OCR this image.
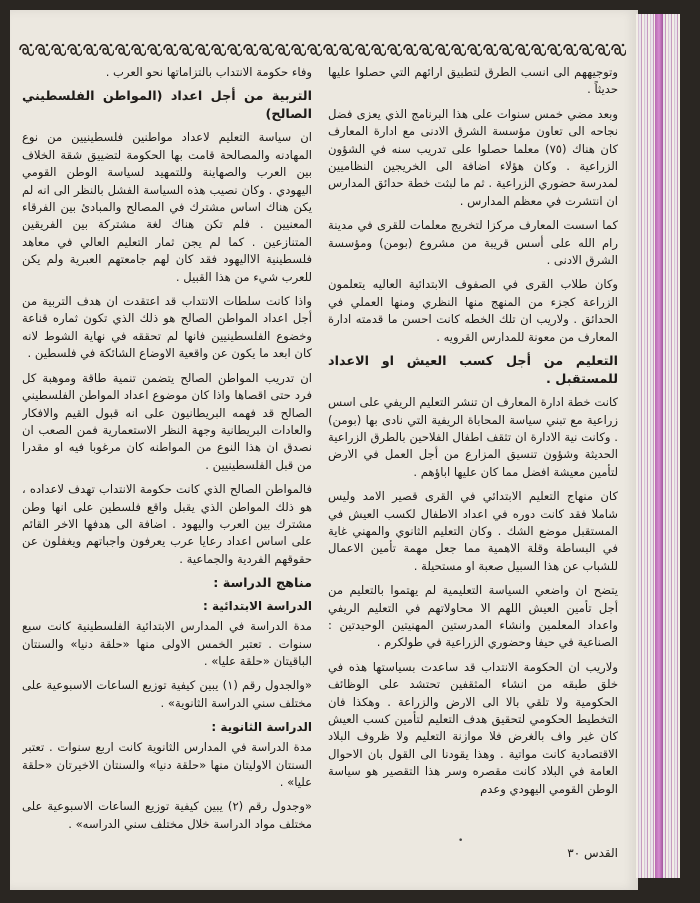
وتوجيههم الى انسب الطرق لتطبيق ارائهم التي حصلوا عليها حديثاً .

وبعد مضي خمس سنوات على هذا البرنامج الذي يعزى فضل نجاحه الى تعاون مؤسسة الشرق الادنى مع ادارة المعارف كان هناك (٧٥) معلما حصلوا على تدريب سنه في الشؤون الزراعية . وكان هؤلاء اضافة الى الخريجين النظاميين لمدرسة حضوري الزراعية . ثم ما لبثت خطة حدائق المدارس ان انتشرت في معظم المدارس .

كما اسست المعارف مركزا لتخريج معلمات للقرى في مدينة رام الله على أسس قريبة من مشروع (بومن) ومؤسسة الشرق الادنى .

وكان طلاب القرى في الصفوف الابتدائية العاليه يتعلمون الزراعة كجزء من المنهج منها النظري ومنها العملي في الحدائق . ولاريب ان تلك الخطه كانت احسن ما قدمته ادارة المعارف من معونة للمدارس القرويه .

التعليم من أجل كسب العيش او الاعداد للمستقبل .

كانت خطة ادارة المعارف ان تنشر التعليم الريفي على اسس زراعية مع تبني سياسة المحاباة الريفية التي نادى بها (بومن) . وكانت نية الادارة ان تثقف اطفال الفلاحين بالطرق الزراعية الحديثة وشؤون تنسيق المزارع من أجل العمل في الارض لتأمين معيشة افضل مما كان عليها اباؤهم .

كان منهاج التعليم الابتدائي في القرى قصير الامد وليس شاملا فقد كانت دوره في اعداد الاطفال لكسب العيش في المستقبل موضع الشك . وكان التعليم الثانوي والمهني غاية في البساطة وقلة الاهمية مما جعل مهمة تأمين الاعمال للشباب عن هذا السبيل صعبة او مستحيلة .

يتضح ان واضعي السياسة التعليمية لم يهتموا بالتعليم من أجل تأمين العيش اللهم الا محاولاتهم في التعليم الريفي واعداد المعلمين وانشاء المدرستين المهنيتين الوحيدتين : الصناعية في حيفا وحضوري الزراعية في طولكرم .

ولاريب ان الحكومة الانتداب قد ساعدت بسياستها هذه في خلق طبقه من انشاء المثقفين تحتشد على الوظائف الحكومية ولا تلقي بالا الى الارض والزراعة . وهكذا فان التخطيط الحكومي لتحقيق هدف التعليم لتأمين كسب العيش كان غير واف بالغرض فلا موازنة التعليم ولا ظروف البلاد الاقتصادية كانت مواتية . وهذا يقودنا الى القول بان الاحوال العامة في البلاد كانت مقصره وسر هذا التقصير هو سياسة الوطن القومي اليهودي وعدم

وفاء حكومة الانتداب بالتزاماتها نحو العرب .

التربية من أجل اعداد (المواطن الفلسطيني الصالح)

ان سياسة التعليم لاعداد مواطنين فلسطينيين من نوع المهادنه والمصالحة قامت بها الحكومة لتضييق شقة الخلاف بين العرب والصهاينة وللتمهيد لسياسة الوطن القومي اليهودي . وكان نصيب هذه السياسة الفشل بالنظر الى انه لم يكن هناك اساس مشترك في المصالح والمبادئ بين الفرقاء المعنيين . فلم تكن هناك لغة مشتركة بين الفريقين المتنازعين . كما لم يجن ثمار التعليم العالي في معاهد فلسطينية الااليهود فقد كان لهم جامعتهم العبرية ولم يكن للعرب شيء من هذا القبيل .

واذا كانت سلطات الانتداب قد اعتقدت ان هدف التربية من أجل اعداد المواطن الصالح هو ذلك الذي تكون ثماره قناعة وخضوع الفلسطينيين فانها لم تحققه في نهاية الشوط لانه كان ابعد ما يكون عن واقعية الاوضاع الشائكة في فلسطين .

ان تدريب المواطن الصالح يتضمن تنمية طاقة وموهبة كل فرد حتى اقصاها واذا كان موضوع اعداد المواطن الفلسطيني الصالح قد فهمه البريطانيون على انه قبول القيم والافكار والعادات البريطانية وجهة النظر الاستعمارية فمن الصعب ان نصدق ان هذا النوع من المواطنه كان مرغوبا فيه او مقدرا من قبل الفلسطينيين .

فالمواطن الصالح الذي كانت حكومة الانتداب تهدف لاعداده ، هو ذلك المواطن الذي يقبل واقع فلسطين على انها وطن مشترك بين العرب واليهود . اضافة الى هدفها الاخر القائم على اساس اعداد رعايا عرب يعرفون واجباتهم ويغفلون عن حقوقهم الفردية والجماعية .

مناهج الدراسة :
الدراسة الابتدائية :

مدة الدراسة في المدارس الابتدائية الفلسطينية كانت سبع سنوات . تعتبر الخمس الاولى منها «حلقة دنيا» والسنتان الباقيتان «حلقة عليا» .

«والجدول رقم (١) يبين كيفية توزيع الساعات الاسبوعية على مختلف سني الدراسة الثانوية» .

الدراسة الثانوية :

مدة الدراسة في المدارس الثانوية كانت اربع سنوات . تعتبر السنتان الاوليتان منها «حلقة دنيا» والسنتان الاخيرتان «حلقة عليا» .

«وجدول رقم (٢) يبين كيفية توزيع الساعات الاسبوعية على مختلف مواد الدراسة خلال مختلف سني الدراسه» .

•
القدس ٣٠
